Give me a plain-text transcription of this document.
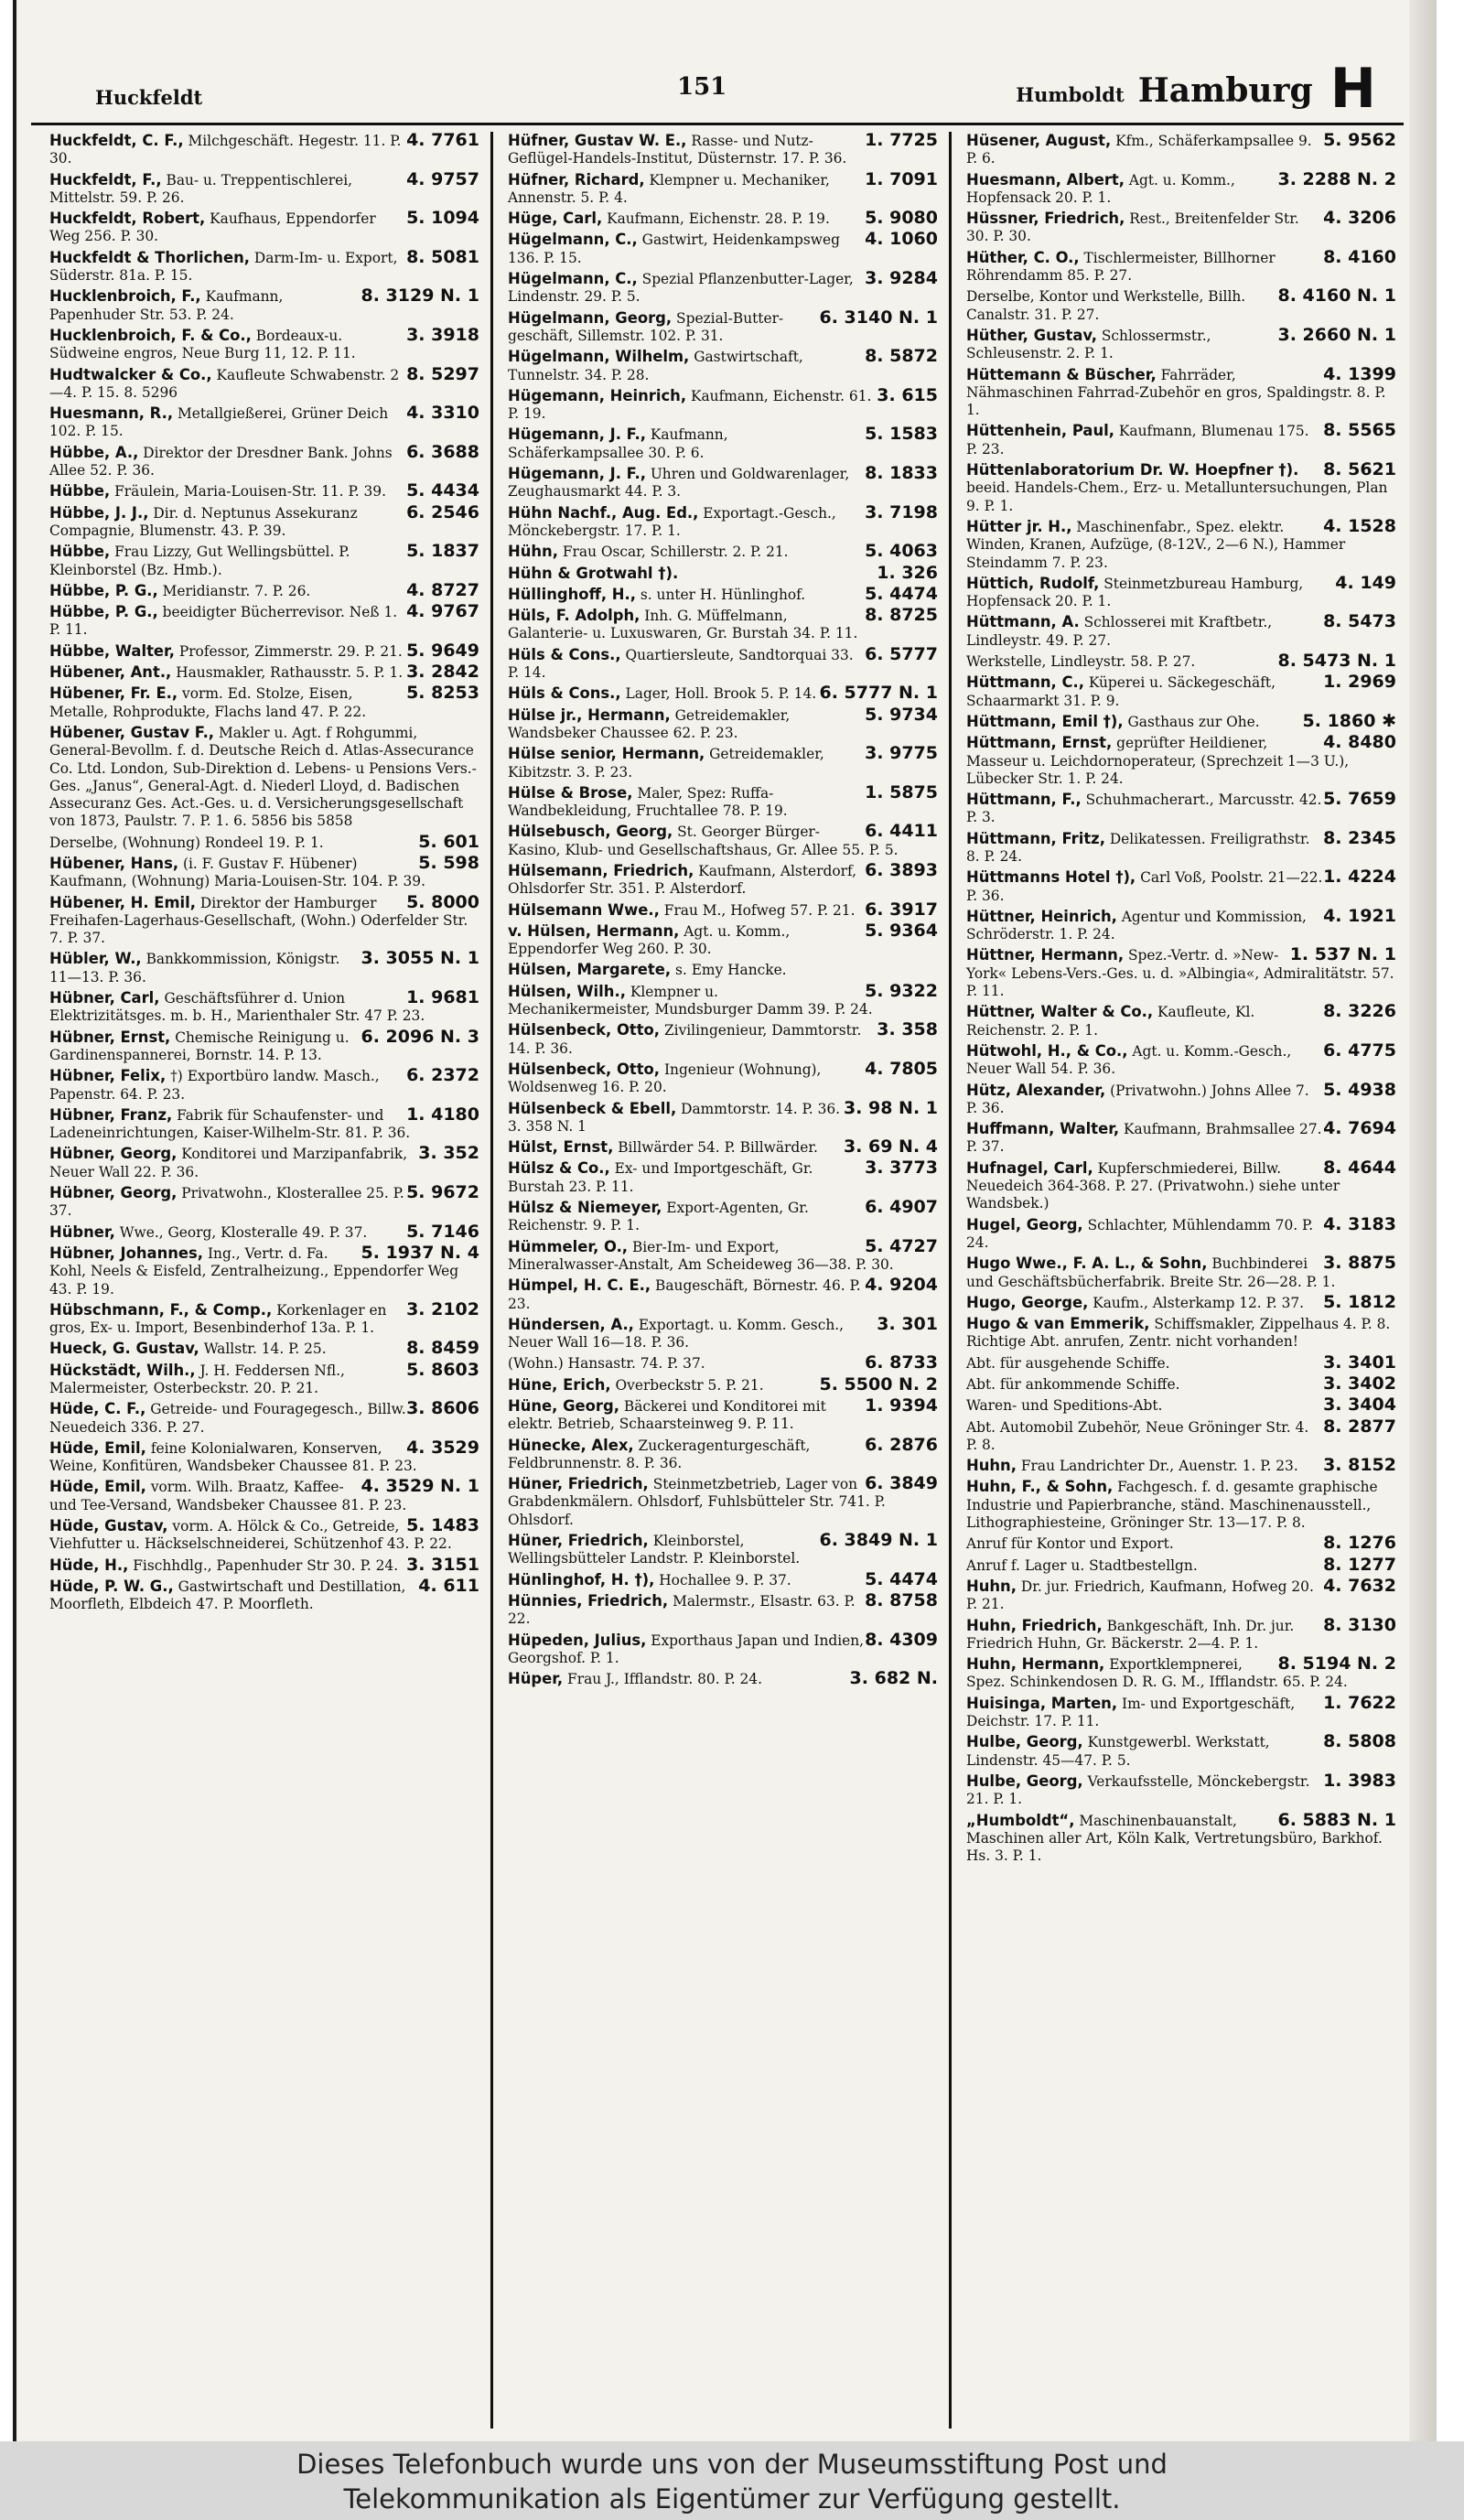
Huckfeldt	151	Humboldt Hamburg H
4. 7761
Huckfeldt, C. F., Milchgeschäft. Hegestr. 11. P. 30.
4. 9757
Huckfeldt, F., Bau- u. Treppentischlerei, Mittelstr. 59. P. 26.
5. 1094
Huckfeldt, Robert, Kaufhaus, Eppendorfer Weg 256. P. 30.
8. 5081
Huckfeldt & Thorlichen, Darm-Im- u. Export, Süderstr. 81a. P. 15.
8. 3129 N. 1
Hucklenbroich, F., Kaufmann, Papenhuder Str. 53. P. 24.
3. 3918
Hucklenbroich, F. & Co., Bordeaux-u. Südweine engros, Neue Burg 11, 12. P. 11.
8. 5297
Hudtwalcker & Co., Kaufleute Schwabenstr. 2—4. P. 15. 8. 5296
4. 3310
Huesmann, R., Metallgießerei, Grüner Deich 102. P. 15.
6. 3688
Hübbe, A., Direktor der Dresdner Bank. Johns Allee 52. P. 36.
5. 4434
Hübbe, Fräulein, Maria-Louisen-Str. 11. P. 39.
6. 2546
Hübbe, J. J., Dir. d. Neptunus Assekuranz Compagnie, Blumenstr. 43. P. 39.
5. 1837
Hübbe, Frau Lizzy, Gut Wellingsbüttel. P. Kleinborstel (Bz. Hmb.).
4. 8727
Hübbe, P. G., Meridianstr. 7. P. 26.
4. 9767
Hübbe, P. G., beeidigter Bücherrevisor. Neß 1. P. 11.
5. 9649
Hübbe, Walter, Professor, Zimmerstr. 29. P. 21.
3. 2842
Hübener, Ant., Hausmakler, Rathausstr. 5. P. 1.
5. 8253
Hübener, Fr. E., vorm. Ed. Stolze, Eisen, Metalle, Rohprodukte, Flachs land 47. P. 22.
Hübener, Gustav F., Makler u. Agt. f Rohgummi, General-Bevollm. f. d. Deutsche Reich d. Atlas-Assecurance Co. Ltd. London, Sub-Direktion d. Lebens- u Pensions Vers.-Ges. „Janus“, General-Agt. d. Niederl Lloyd, d. Badischen Assecuranz Ges. Act.-Ges. u. d. Versicherungsgesellschaft von 1873, Paulstr. 7. P. 1. 6. 5856 bis 5858
5. 601
Derselbe, (Wohnung) Rondeel 19. P. 1.
5. 598
Hübener, Hans, (i. F. Gustav F. Hübener) Kaufmann, (Wohnung) Maria-Louisen-Str. 104. P. 39.
5. 8000
Hübener, H. Emil, Direktor der Hamburger Freihafen-Lagerhaus-Gesellschaft, (Wohn.) Oderfelder Str. 7. P. 37.
3. 3055 N. 1
Hübler, W., Bankkommission, Königstr. 11—13. P. 36.
1. 9681
Hübner, Carl, Geschäftsführer d. Union Elektrizitätsges. m. b. H., Marienthaler Str. 47 P. 23.
6. 2096 N. 3
Hübner, Ernst, Chemische Reinigung u. Gardinenspannerei, Bornstr. 14. P. 13.
6. 2372
Hübner, Felix, †) Exportbüro landw. Masch., Papenstr. 64. P. 23.
1. 4180
Hübner, Franz, Fabrik für Schaufenster- und Ladeneinrichtungen, Kaiser-Wilhelm-Str. 81. P. 36.
3. 352
Hübner, Georg, Konditorei und Marzipanfabrik, Neuer Wall 22. P. 36.
5. 9672
Hübner, Georg, Privatwohn., Klosterallee 25. P. 37.
5. 7146
Hübner, Wwe., Georg, Klosteralle 49. P. 37.
5. 1937 N. 4
Hübner, Johannes, Ing., Vertr. d. Fa. Kohl, Neels & Eisfeld, Zentralheizung., Eppendorfer Weg 43. P. 19.
3. 2102
Hübschmann, F., & Comp., Korkenlager en gros, Ex- u. Import, Besenbinderhof 13a. P. 1.
8. 8459
Hueck, G. Gustav, Wallstr. 14. P. 25.
5. 8603
Hückstädt, Wilh., J. H. Feddersen Nfl., Malermeister, Osterbeckstr. 20. P. 21.
3. 8606
Hüde, C. F., Getreide- und Fouragegesch., Billw. Neuedeich 336. P. 27.
4. 3529
Hüde, Emil, feine Kolonialwaren, Konserven, Weine, Konfitüren, Wandsbeker Chaussee 81. P. 23.
4. 3529 N. 1
Hüde, Emil, vorm. Wilh. Braatz, Kaffee- und Tee-Versand, Wandsbeker Chaussee 81. P. 23.
5. 1483
Hüde, Gustav, vorm. A. Hölck & Co., Getreide, Viehfutter u. Häckselschneiderei, Schützenhof 43. P. 22.
3. 3151
Hüde, H., Fischhdlg., Papenhuder Str 30. P. 24.
4. 611
Hüde, P. W. G., Gastwirtschaft und Destillation, Moorfleth, Elbdeich 47. P. Moorfleth.
1. 7725
Hüfner, Gustav W. E., Rasse- und Nutz-Geflügel-Handels-Institut, Düsternstr. 17. P. 36.
1. 7091
Hüfner, Richard, Klempner u. Mechaniker, Annenstr. 5. P. 4.
5. 9080
Hüge, Carl, Kaufmann, Eichenstr. 28. P. 19.
4. 1060
Hügelmann, C., Gastwirt, Heidenkampsweg 136. P. 15.
3. 9284
Hügelmann, C., Spezial Pflanzenbutter-Lager, Lindenstr. 29. P. 5.
6. 3140 N. 1
Hügelmann, Georg, Spezial-Butter-geschäft, Sillemstr. 102. P. 31.
8. 5872
Hügelmann, Wilhelm, Gastwirtschaft, Tunnelstr. 34. P. 28.
3. 615
Hügemann, Heinrich, Kaufmann, Eichenstr. 61. P. 19.
5. 1583
Hügemann, J. F., Kaufmann, Schäferkampsallee 30. P. 6.
8. 1833
Hügemann, J. F., Uhren und Goldwarenlager, Zeughausmarkt 44. P. 3.
3. 7198
Hühn Nachf., Aug. Ed., Exportagt.-Gesch., Mönckebergstr. 17. P. 1.
5. 4063
Hühn, Frau Oscar, Schillerstr. 2. P. 21.
1. 326
Hühn & Grotwahl †).
5. 4474
Hüllinghoff, H., s. unter H. Hünlinghof.
8. 8725
Hüls, F. Adolph, Inh. G. Müffelmann, Galanterie- u. Luxuswaren, Gr. Burstah 34. P. 11.
6. 5777
Hüls & Cons., Quartiersleute, Sandtorquai 33. P. 14.
6. 5777 N. 1
Hüls & Cons., Lager, Holl. Brook 5. P. 14.
5. 9734
Hülse jr., Hermann, Getreidemakler, Wandsbeker Chaussee 62. P. 23.
3. 9775
Hülse senior, Hermann, Getreidemakler, Kibitzstr. 3. P. 23.
1. 5875
Hülse & Brose, Maler, Spez: Ruffa-Wandbekleidung, Fruchtallee 78. P. 19.
6. 4411
Hülsebusch, Georg, St. Georger Bürger-Kasino, Klub- und Gesellschaftshaus, Gr. Allee 55. P. 5.
6. 3893
Hülsemann, Friedrich, Kaufmann, Alsterdorf, Ohlsdorfer Str. 351. P. Alsterdorf.
6. 3917
Hülsemann Wwe., Frau M., Hofweg 57. P. 21.
5. 9364
v. Hülsen, Hermann, Agt. u. Komm., Eppendorfer Weg 260. P. 30.
Hülsen, Margarete, s. Emy Hancke.
5. 9322
Hülsen, Wilh., Klempner u. Mechanikermeister, Mundsburger Damm 39. P. 24.
3. 358
Hülsenbeck, Otto, Zivilingenieur, Dammtorstr. 14. P. 36.
4. 7805
Hülsenbeck, Otto, Ingenieur (Wohnung), Woldsenweg 16. P. 20.
3. 98 N. 1
Hülsenbeck & Ebell, Dammtorstr. 14. P. 36. 3. 358 N. 1
3. 69 N. 4
Hülst, Ernst, Billwärder 54. P. Billwärder.
3. 3773
Hülsz & Co., Ex- und Importgeschäft, Gr. Burstah 23. P. 11.
6. 4907
Hülsz & Niemeyer, Export-Agenten, Gr. Reichenstr. 9. P. 1.
5. 4727
Hümmeler, O., Bier-Im- und Export, Mineralwasser-Anstalt, Am Scheideweg 36—38. P. 30.
4. 9204
Hümpel, H. C. E., Baugeschäft, Börnestr. 46. P. 23.
3. 301
Hündersen, A., Exportagt. u. Komm. Gesch., Neuer Wall 16—18. P. 36.
6. 8733
(Wohn.) Hansastr. 74. P. 37.
5. 5500 N. 2
Hüne, Erich, Overbeckstr 5. P. 21.
1. 9394
Hüne, Georg, Bäckerei und Konditorei mit elektr. Betrieb, Schaarsteinweg 9. P. 11.
6. 2876
Hünecke, Alex, Zuckeragenturgeschäft, Feldbrunnenstr. 8. P. 36.
6. 3849
Hüner, Friedrich, Steinmetzbetrieb, Lager von Grabdenkmälern. Ohlsdorf, Fuhlsbütteler Str. 741. P. Ohlsdorf.
6. 3849 N. 1
Hüner, Friedrich, Kleinborstel, Wellingsbütteler Landstr. P. Kleinborstel.
5. 4474
Hünlinghof, H. †), Hochallee 9. P. 37.
8. 8758
Hünnies, Friedrich, Malermstr., Elsastr. 63. P. 22.
8. 4309
Hüpeden, Julius, Exporthaus Japan und Indien, Georgshof. P. 1.
3. 682 N.
Hüper, Frau J., Ifflandstr. 80. P. 24.
5. 9562
Hüsener, August, Kfm., Schäferkampsallee 9. P. 6.
3. 2288 N. 2
Huesmann, Albert, Agt. u. Komm., Hopfensack 20. P. 1.
4. 3206
Hüssner, Friedrich, Rest., Breitenfelder Str. 30. P. 30.
8. 4160
Hüther, C. O., Tischlermeister, Billhorner Röhrendamm 85. P. 27.
8. 4160 N. 1
Derselbe, Kontor und Werkstelle, Billh. Canalstr. 31. P. 27.
3. 2660 N. 1
Hüther, Gustav, Schlossermstr., Schleusenstr. 2. P. 1.
4. 1399
Hüttemann & Büscher, Fahrräder, Nähmaschinen Fahrrad-Zubehör en gros, Spaldingstr. 8. P. 1.
8. 5565
Hüttenhein, Paul, Kaufmann, Blumenau 175. P. 23.
8. 5621
Hüttenlaboratorium Dr. W. Hoepfner †). beeid. Handels-Chem., Erz- u. Metalluntersuchungen, Plan 9. P. 1.
4. 1528
Hütter jr. H., Maschinenfabr., Spez. elektr. Winden, Kranen, Aufzüge, (8-12V., 2—6 N.), Hammer Steindamm 7. P. 23.
4. 149
Hüttich, Rudolf, Steinmetzbureau Hamburg, Hopfensack 20. P. 1.
8. 5473
Hüttmann, A. Schlosserei mit Kraftbetr., Lindleystr. 49. P. 27.
8. 5473 N. 1
Werkstelle, Lindleystr. 58. P. 27.
1. 2969
Hüttmann, C., Küperei u. Säckegeschäft, Schaarmarkt 31. P. 9.
5. 1860 ✱
Hüttmann, Emil †), Gasthaus zur Ohe.
4. 8480
Hüttmann, Ernst, geprüfter Heildiener, Masseur u. Leichdornoperateur, (Sprechzeit 1—3 U.), Lübecker Str. 1. P. 24.
5. 7659
Hüttmann, F., Schuhmacherart., Marcusstr. 42. P. 3.
8. 2345
Hüttmann, Fritz, Delikatessen. Freiligrathstr. 8. P. 24.
1. 4224
Hüttmanns Hotel †), Carl Voß, Poolstr. 21—22. P. 36.
4. 1921
Hüttner, Heinrich, Agentur und Kommission, Schröderstr. 1. P. 24.
1. 537 N. 1
Hüttner, Hermann, Spez.-Vertr. d. »New-York« Lebens-Vers.-Ges. u. d. »Albingia«, Admiralitätstr. 57. P. 11.
8. 3226
Hüttner, Walter & Co., Kaufleute, Kl. Reichenstr. 2. P. 1.
6. 4775
Hütwohl, H., & Co., Agt. u. Komm.-Gesch., Neuer Wall 54. P. 36.
5. 4938
Hütz, Alexander, (Privatwohn.) Johns Allee 7. P. 36.
4. 7694
Huffmann, Walter, Kaufmann, Brahmsallee 27. P. 37.
8. 4644
Hufnagel, Carl, Kupferschmiederei, Billw. Neuedeich 364-368. P. 27. (Privatwohn.) siehe unter Wandsbek.)
4. 3183
Hugel, Georg, Schlachter, Mühlendamm 70. P. 24.
3. 8875
Hugo Wwe., F. A. L., & Sohn, Buchbinderei und Geschäftsbücherfabrik. Breite Str. 26—28. P. 1.
5. 1812
Hugo, George, Kaufm., Alsterkamp 12. P. 37.
Hugo & van Emmerik, Schiffsmakler, Zippelhaus 4. P. 8. Richtige Abt. anrufen, Zentr. nicht vorhanden!
3. 3401
Abt. für ausgehende Schiffe.
3. 3402
Abt. für ankommende Schiffe.
3. 3404
Waren- und Speditions-Abt.
8. 2877
Abt. Automobil Zubehör, Neue Gröninger Str. 4. P. 8.
3. 8152
Huhn, Frau Landrichter Dr., Auenstr. 1. P. 23.
Huhn, F., & Sohn, Fachgesch. f. d. gesamte graphische Industrie und Papierbranche, ständ. Maschinenausstell., Lithographiesteine, Gröninger Str. 13—17. P. 8.
8. 1276
Anruf für Kontor und Export.
8. 1277
Anruf f. Lager u. Stadtbestellgn.
4. 7632
Huhn, Dr. jur. Friedrich, Kaufmann, Hofweg 20. P. 21.
8. 3130
Huhn, Friedrich, Bankgeschäft, Inh. Dr. jur. Friedrich Huhn, Gr. Bäckerstr. 2—4. P. 1.
8. 5194 N. 2
Huhn, Hermann, Exportklempnerei, Spez. Schinkendosen D. R. G. M., Ifflandstr. 65. P. 24.
1. 7622
Huisinga, Marten, Im- und Exportgeschäft, Deichstr. 17. P. 11.
8. 5808
Hulbe, Georg, Kunstgewerbl. Werkstatt, Lindenstr. 45—47. P. 5.
1. 3983
Hulbe, Georg, Verkaufsstelle, Mönckebergstr. 21. P. 1.
6. 5883 N. 1
„Humboldt“, Maschinenbauanstalt, Maschinen aller Art, Köln Kalk, Vertretungsbüro, Barkhof. Hs. 3. P. 1.
Dieses Telefonbuch wurde uns von der Museumsstiftung Post und
Telekommunikation als Eigentümer zur Verfügung gestellt.
